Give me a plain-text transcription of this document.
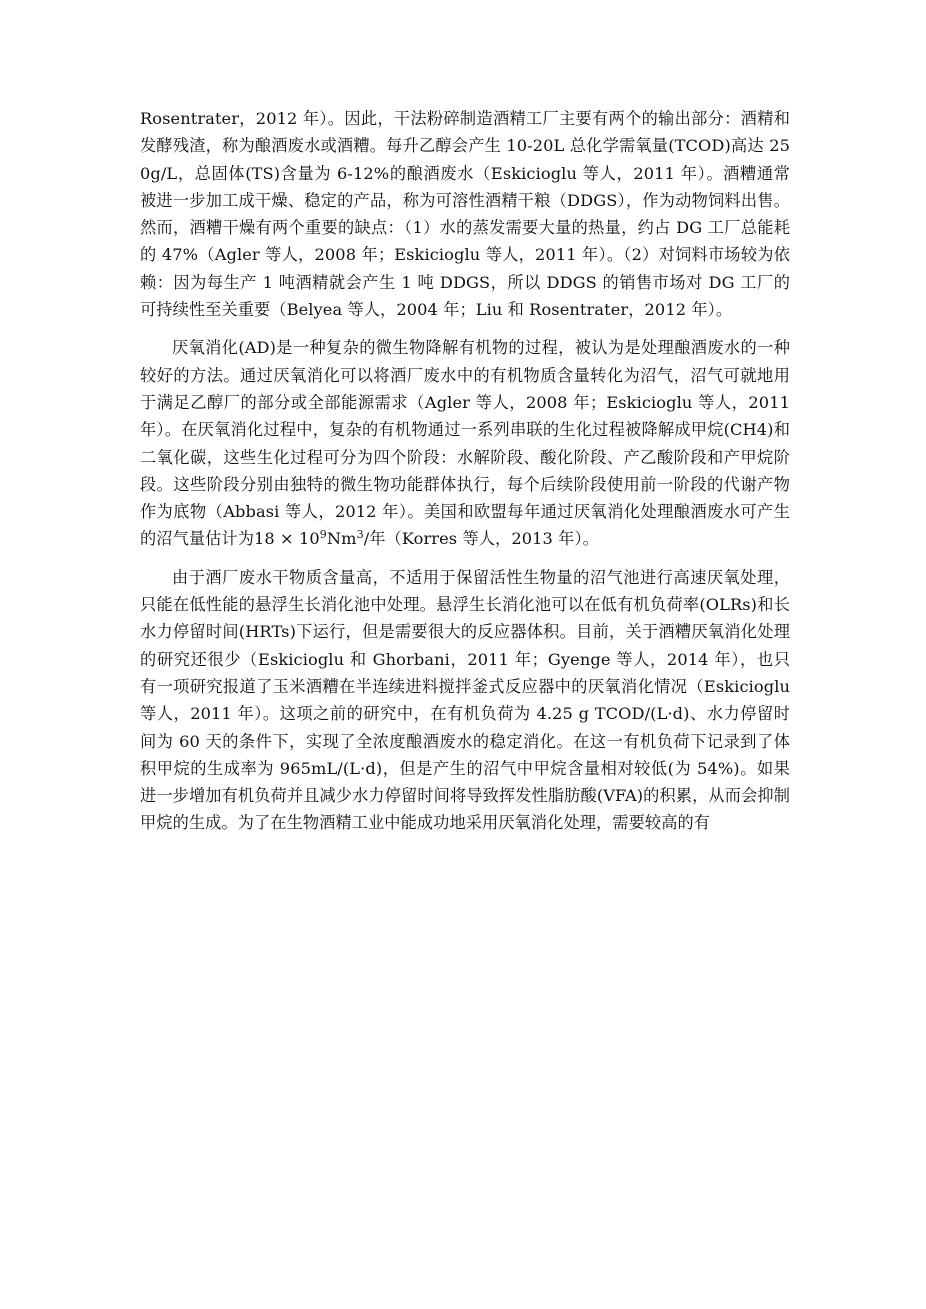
Rosentrater，2012 年）。因此，干法粉碎制造酒精工厂主要有两个的输出部分：酒精和发酵残渣，称为酿酒废水或酒糟。每升乙醇会产生 10-20L 总化学需氧量(TCOD)高达 250g/L，总固体(TS)含量为 6-12%的酿酒废水（Eskicioglu 等人，2011 年）。酒糟通常被进一步加工成干燥、稳定的产品，称为可溶性酒精干粮（DDGS），作为动物饲料出售。然而，酒糟干燥有两个重要的缺点：（1）水的蒸发需要大量的热量，约占 DG 工厂总能耗的 47%（Agler 等人，2008 年；Eskicioglu 等人，2011 年）。（2）对饲料市场较为依赖：因为每生产 1 吨酒精就会产生 1 吨 DDGS，所以 DDGS 的销售市场对 DG 工厂的可持续性至关重要（Belyea 等人，2004 年；Liu 和 Rosentrater，2012 年）。

厌氧消化(AD)是一种复杂的微生物降解有机物的过程，被认为是处理酿酒废水的一种较好的方法。通过厌氧消化可以将酒厂废水中的有机物质含量转化为沼气，沼气可就地用于满足乙醇厂的部分或全部能源需求（Agler 等人，2008 年；Eskicioglu 等人，2011 年）。在厌氧消化过程中，复杂的有机物通过一系列串联的生化过程被降解成甲烷(CH4)和二氧化碳，这些生化过程可分为四个阶段：水解阶段、酸化阶段、产乙酸阶段和产甲烷阶段。这些阶段分别由独特的微生物功能群体执行，每个后续阶段使用前一阶段的代谢产物作为底物（Abbasi 等人，2012 年）。美国和欧盟每年通过厌氧消化处理酿酒废水可产生的沼气量估计为$18 \times 10^9Nm^3/$年（Korres 等人，2013 年）。

由于酒厂废水干物质含量高，不适用于保留活性生物量的沼气池进行高速厌氧处理，只能在低性能的悬浮生长消化池中处理。悬浮生长消化池可以在低有机负荷率(OLRs)和长水力停留时间(HRTs)下运行，但是需要很大的反应器体积。目前，关于酒糟厌氧消化处理的研究还很少（Eskicioglu 和 Ghorbani，2011 年；Gyenge 等人，2014 年），也只有一项研究报道了玉米酒糟在半连续进料搅拌釜式反应器中的厌氧消化情况（Eskicioglu 等人，2011 年）。这项之前的研究中，在有机负荷为 4.25 g TCOD/(L·d)、水力停留时间为 60 天的条件下，实现了全浓度酿酒废水的稳定消化。在这一有机负荷下记录到了体积甲烷的生成率为 965mL/(L·d)，但是产生的沼气中甲烷含量相对较低(为 54%)。如果进一步增加有机负荷并且减少水力停留时间将导致挥发性脂肪酸(VFA)的积累，从而会抑制甲烷的生成。为了在生物酒精工业中能成功地采用厌氧消化处理，需要较高的有
